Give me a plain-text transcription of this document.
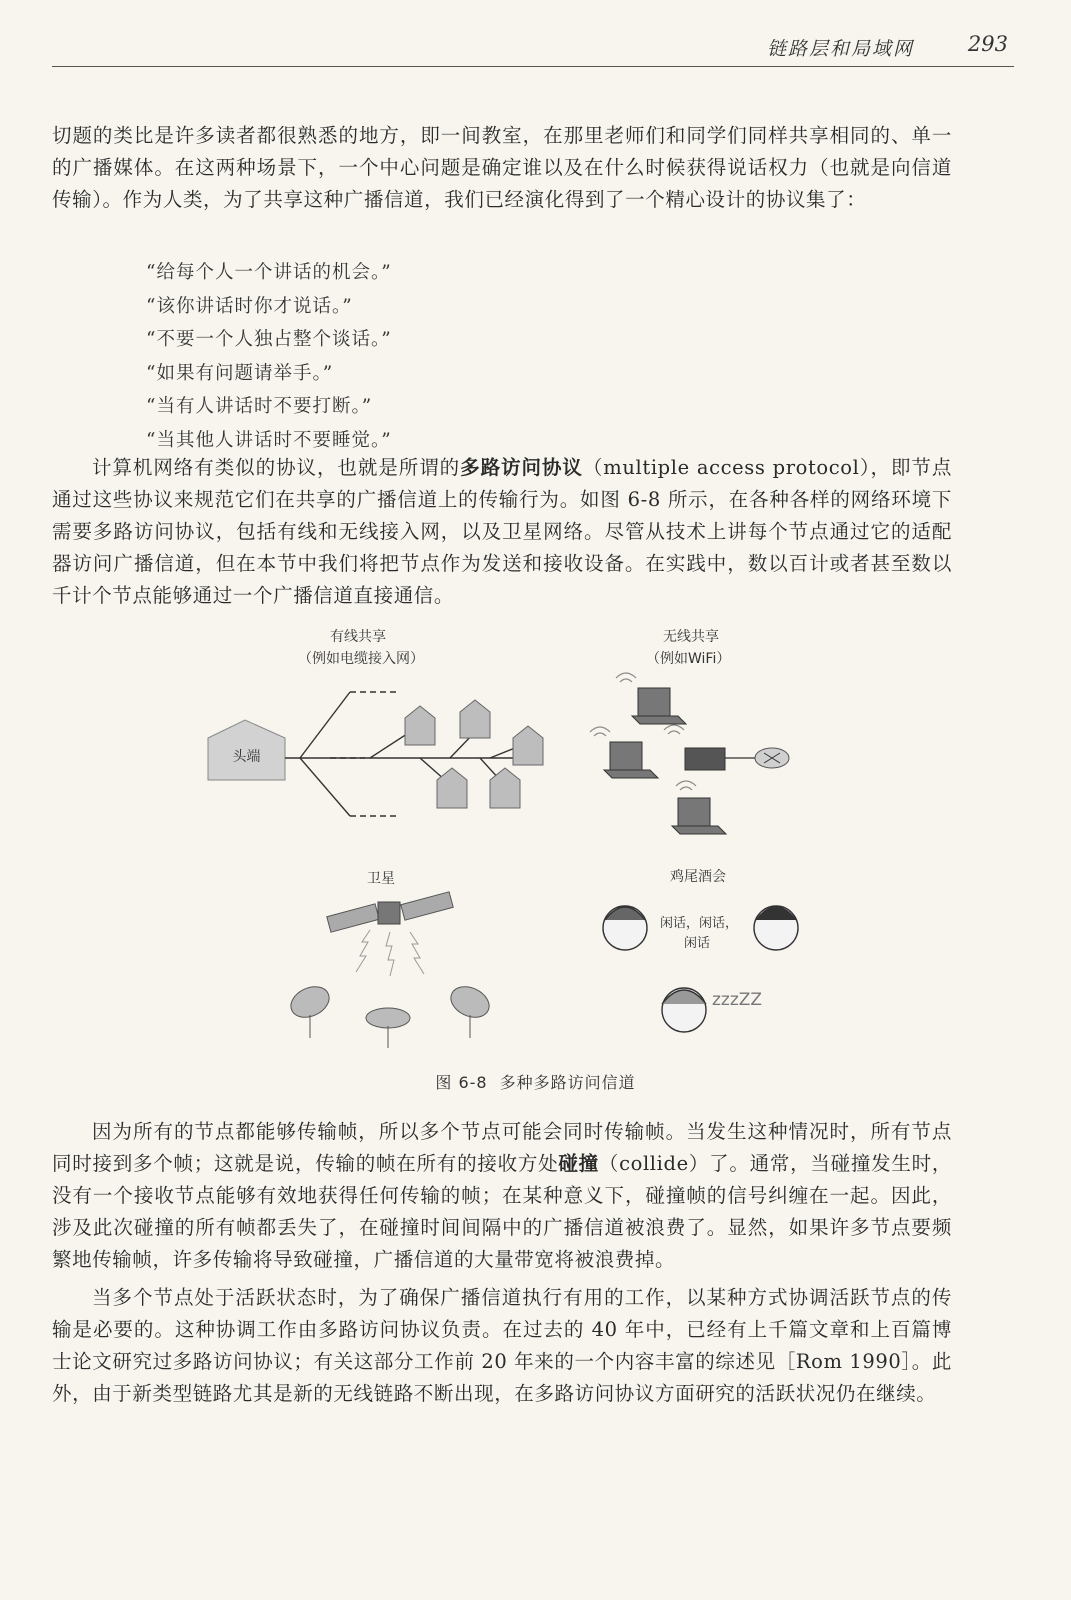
链路层和局域网	293

切题的类比是许多读者都很熟悉的地方，即一间教室，在那里老师们和同学们同样共享相同的、单一的广播媒体。在这两种场景下，一个中心问题是确定谁以及在什么时候获得说话权力（也就是向信道传输）。作为人类，为了共享这种广播信道，我们已经演化得到了一个精心设计的协议集了：

“给每个人一个讲话的机会。”
“该你讲话时你才说话。”
“不要一个人独占整个谈话。”
“如果有问题请举手。”
“当有人讲话时不要打断。”
“当其他人讲话时不要睡觉。”

计算机网络有类似的协议，也就是所谓的多路访问协议（multiple access protocol），即节点通过这些协议来规范它们在共享的广播信道上的传输行为。如图 6-8 所示，在各种各样的网络环境下需要多路访问协议，包括有线和无线接入网，以及卫星网络。尽管从技术上讲每个节点通过它的适配器访问广播信道，但在本节中我们将把节点作为发送和接收设备。在实践中，数以百计或者甚至数以千计个节点能够通过一个广播信道直接通信。

有线共享
（例如电缆接入网）
无线共享
（例如WiFi）
卫星	鸡尾酒会
头端
闲话，闲话，
闲话
zzzZZ
图 6-8 多种多路访问信道

因为所有的节点都能够传输帧，所以多个节点可能会同时传输帧。当发生这种情况时，所有节点同时接到多个帧；这就是说，传输的帧在所有的接收方处碰撞（collide）了。通常，当碰撞发生时，没有一个接收节点能够有效地获得任何传输的帧；在某种意义下，碰撞帧的信号纠缠在一起。因此，涉及此次碰撞的所有帧都丢失了，在碰撞时间间隔中的广播信道被浪费了。显然，如果许多节点要频繁地传输帧，许多传输将导致碰撞，广播信道的大量带宽将被浪费掉。

当多个节点处于活跃状态时，为了确保广播信道执行有用的工作，以某种方式协调活跃节点的传输是必要的。这种协调工作由多路访问协议负责。在过去的 40 年中，已经有上千篇文章和上百篇博士论文研究过多路访问协议；有关这部分工作前 20 年来的一个内容丰富的综述见［Rom 1990］。此外，由于新类型链路尤其是新的无线链路不断出现，在多路访问协议方面研究的活跃状况仍在继续。
